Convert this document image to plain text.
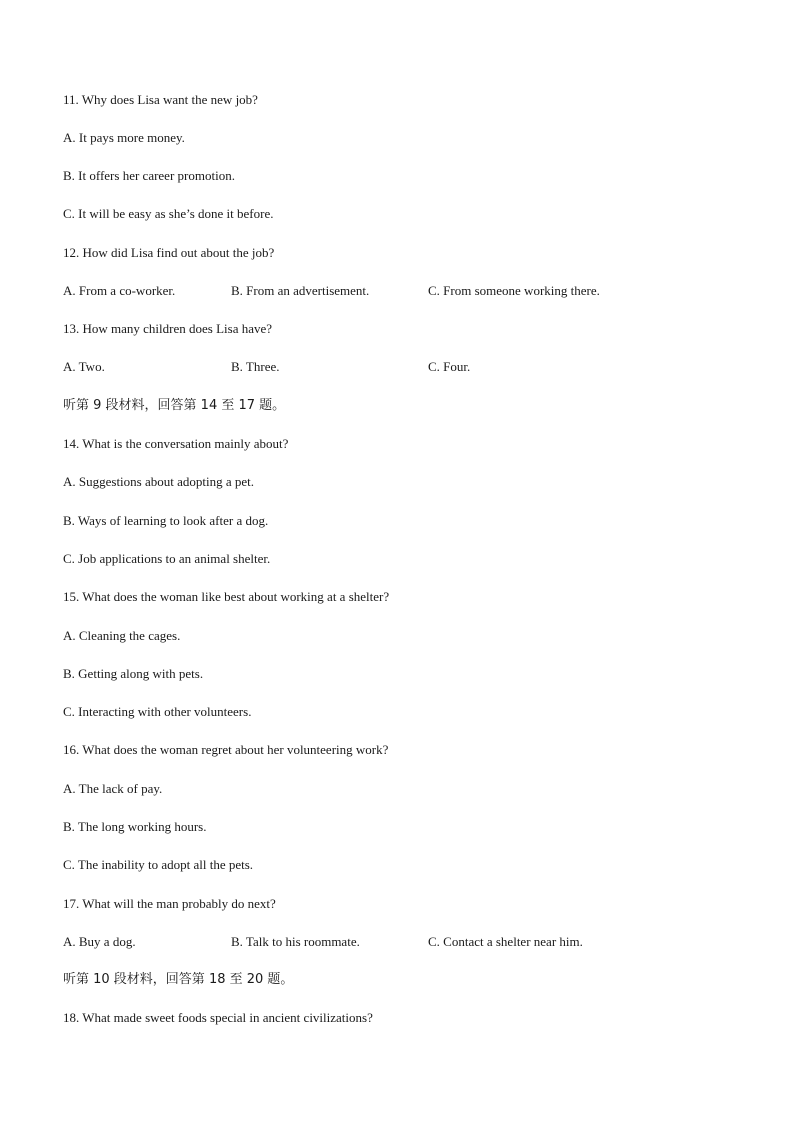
11. Why does Lisa want the new job?
A. It pays more money.
B. It offers her career promotion.
C. It will be easy as she’s done it before.
12. How did Lisa find out about the job?
A. From a co-worker.	B. From an advertisement.	C. From someone working there.
13. How many children does Lisa have?
A. Two.	B. Three.	C. Four.
听第 9 段材料，回答第 14 至 17 题。
14. What is the conversation mainly about?
A. Suggestions about adopting a pet.
B. Ways of learning to look after a dog.
C. Job applications to an animal shelter.
15. What does the woman like best about working at a shelter?
A. Cleaning the cages.
B. Getting along with pets.
C. Interacting with other volunteers.
16. What does the woman regret about her volunteering work?
A. The lack of pay.
B. The long working hours.
C. The inability to adopt all the pets.
17. What will the man probably do next?
A. Buy a dog.	B. Talk to his roommate.	C. Contact a shelter near him.
听第 10 段材料，回答第 18 至 20 题。
18. What made sweet foods special in ancient civilizations?
